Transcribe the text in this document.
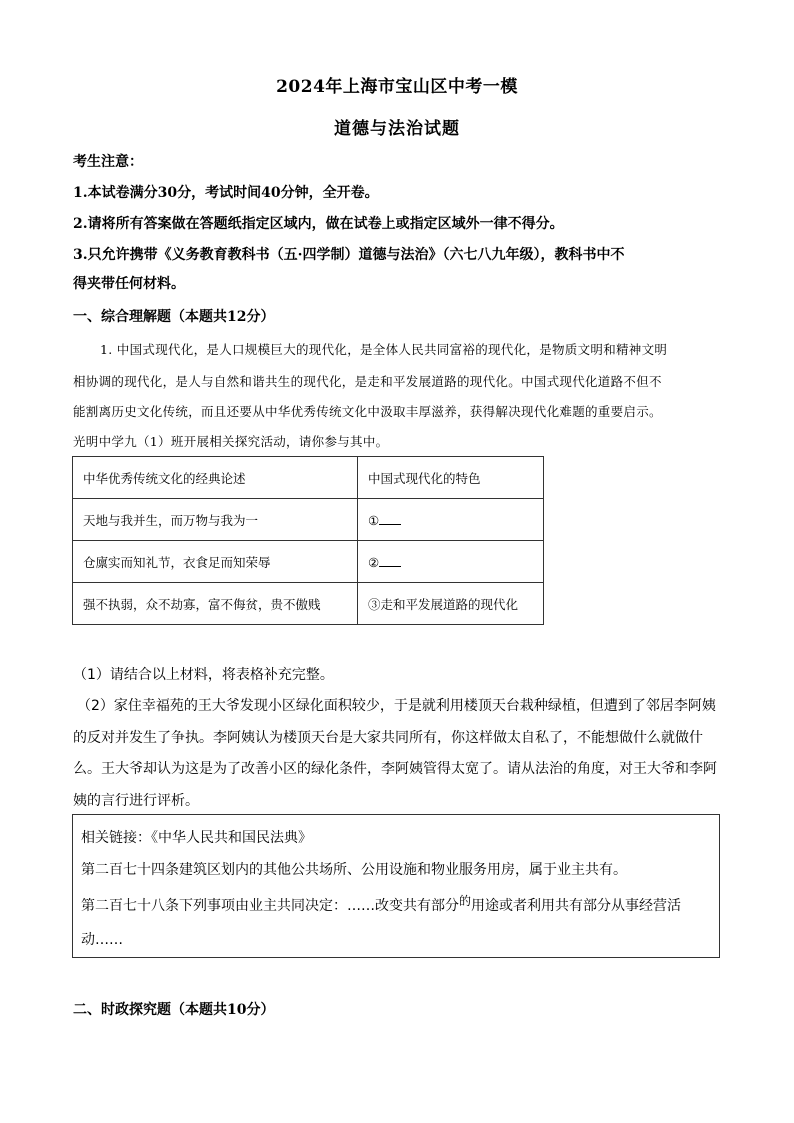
2024年上海市宝山区中考一模
道德与法治试题
考生注意：
1.本试卷满分30分，考试时间40分钟，全开卷。
2.请将所有答案做在答题纸指定区域内，做在试卷上或指定区域外一律不得分。
3.只允许携带《义务教育教科书（五·四学制）道德与法治》（六七八九年级），教科书中不
得夹带任何材料。
一、综合理解题（本题共12分）
1. 中国式现代化，是人口规模巨大的现代化，是全体人民共同富裕的现代化，是物质文明和精神文明
相协调的现代化，是人与自然和谐共生的现代化，是走和平发展道路的现代化。中国式现代化道路不但不
能割离历史文化传统，而且还要从中华优秀传统文化中汲取丰厚滋养，获得解决现代化难题的重要启示。
光明中学九（1）班开展相关探究活动，请你参与其中。
中华优秀传统文化的经典论述	中国式现代化的特色
天地与我并生，而万物与我为一	①
仓廪实而知礼节，衣食足而知荣辱	②
强不执弱，众不劫寡，富不侮贫，贵不傲贱	③走和平发展道路的现代化
（1）请结合以上材料，将表格补充完整。
（2）家住幸福苑的王大爷发现小区绿化面积较少，于是就利用楼顶天台栽种绿植，但遭到了邻居李阿姨
的反对并发生了争执。李阿姨认为楼顶天台是大家共同所有，你这样做太自私了，不能想做什么就做什
么。王大爷却认为这是为了改善小区的绿化条件，李阿姨管得太宽了。请从法治的角度，对王大爷和李阿
姨的言行进行评析。
相关链接：《中华人民共和国民法典》
第二百七十四条建筑区划内的其他公共场所、公用设施和物业服务用房，属于业主共有。
第二百七十八条下列事项由业主共同决定：……改变共有部分的用途或者利用共有部分从事经营活
动……
二、时政探究题（本题共10分）
